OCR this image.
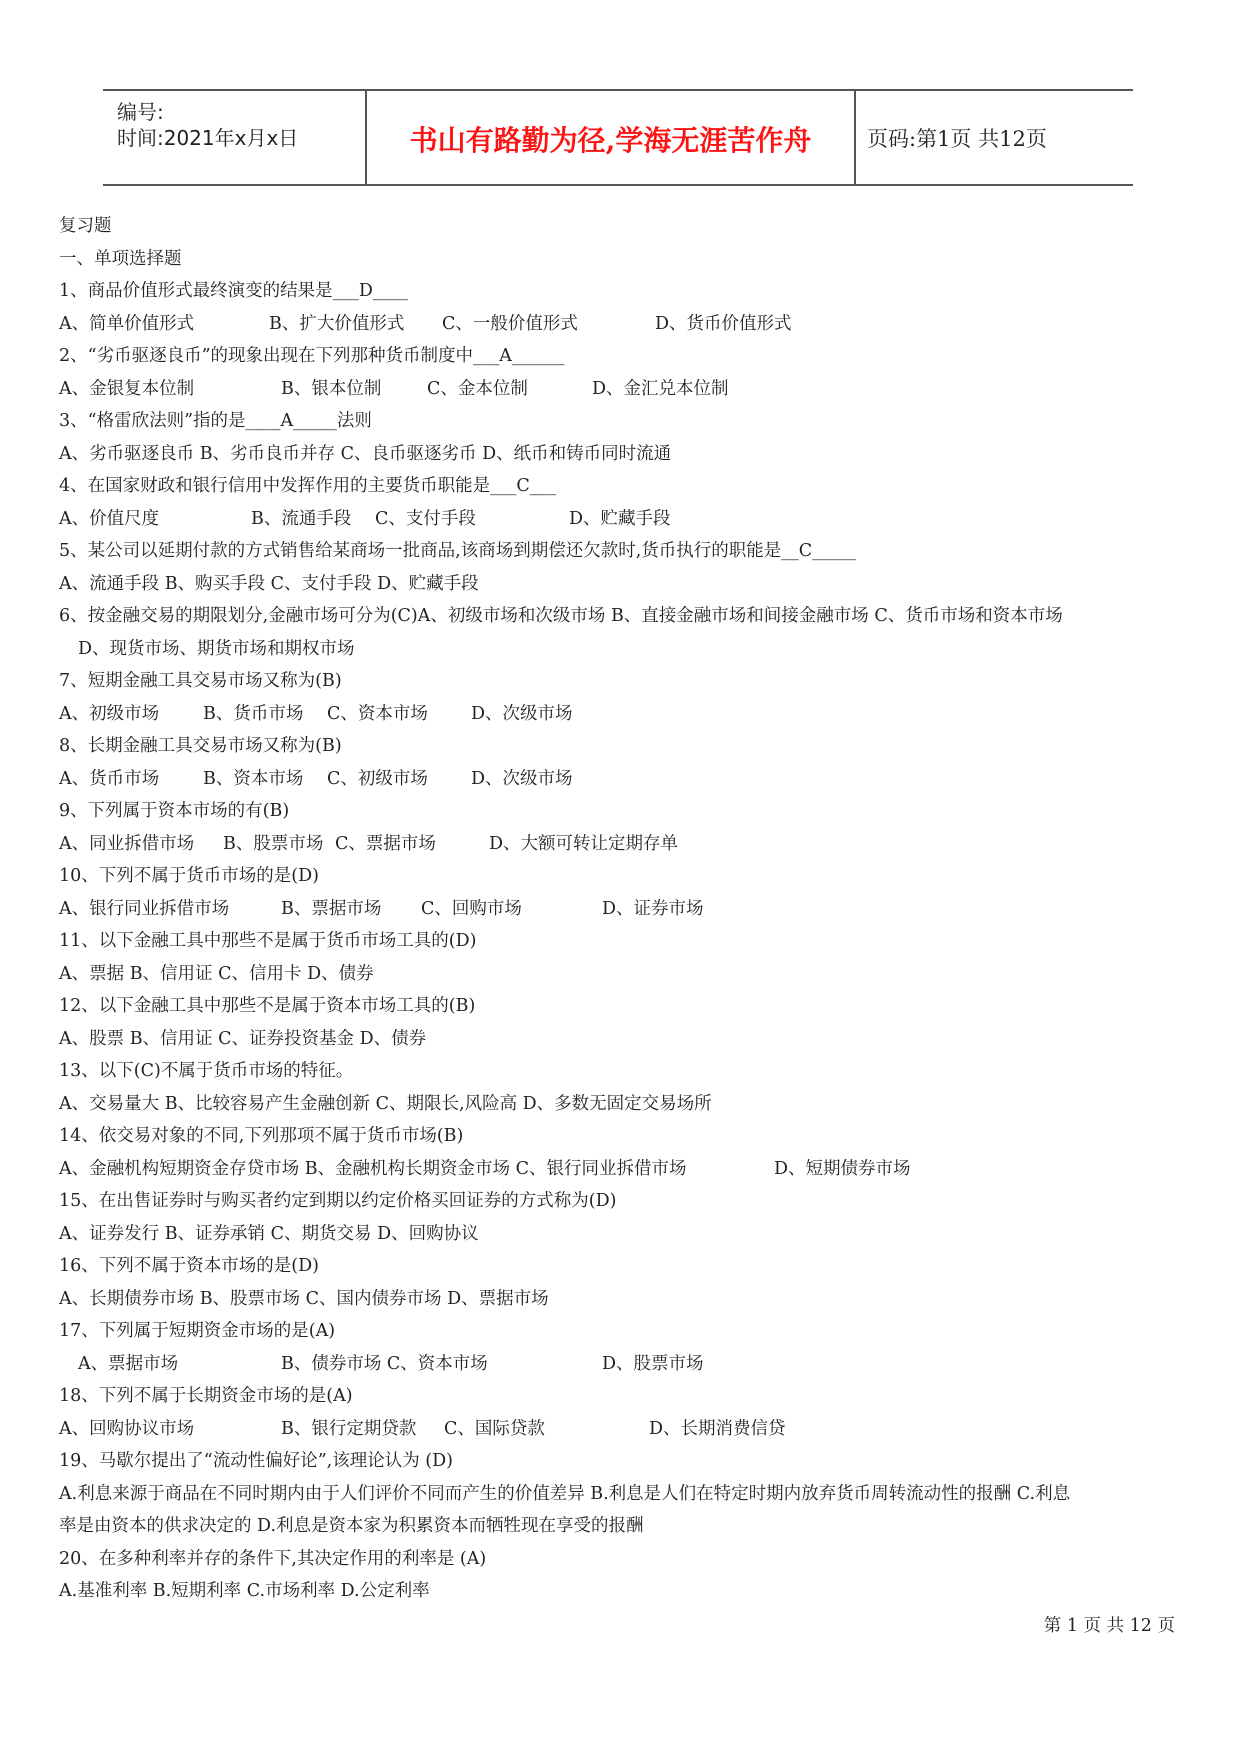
编号:
时间:2021年x月x日	书山有路勤为径,学海无涯苦作舟	页码:第1页 共12页
复习题
一、单项选择题
1、商品价值形式最终演变的结果是___D____
A、简单价值形式	B、扩大价值形式 C、一般价值形式	D、货币价值形式
2、“劣币驱逐良币”的现象出现在下列那种货币制度中___A______
A、金银复本位制	B、银本位制	C、金本位制	D、金汇兑本位制
3、“格雷欣法则”指的是____A_____法则
A、劣币驱逐良币 B、劣币良币并存 C、良币驱逐劣币 D、纸币和铸币同时流通
4、在国家财政和银行信用中发挥作用的主要货币职能是___C___
A、价值尺度	B、流通手段 C、支付手段	D、贮藏手段
5、某公司以延期付款的方式销售给某商场一批商品,该商场到期偿还欠款时,货币执行的职能是__C_____
A、流通手段 B、购买手段 C、支付手段 D、贮藏手段
6、按金融交易的期限划分,金融市场可分为(C)A、初级市场和次级市场 B、直接金融市场和间接金融市场 C、货币市场和资本市场
D、现货市场、期货市场和期权市场
7、短期金融工具交易市场又称为(B)
A、初级市场	B、货币市场 C、资本市场 D、次级市场
8、长期金融工具交易市场又称为(B)
A、货币市场	B、资本市场 C、初级市场 D、次级市场
9、下列属于资本市场的有(B)
A、同业拆借市场 B、股票市场 C、票据市场	D、大额可转让定期存单
10、下列不属于货币市场的是(D)
A、银行同业拆借市场	B、票据市场 C、回购市场	D、证券市场
11、以下金融工具中那些不是属于货币市场工具的(D)
A、票据 B、信用证 C、信用卡 D、债券
12、以下金融工具中那些不是属于资本市场工具的(B)
A、股票 B、信用证 C、证券投资基金 D、债券
13、以下(C)不属于货币市场的特征。
A、交易量大 B、比较容易产生金融创新 C、期限长,风险高 D、多数无固定交易场所
14、依交易对象的不同,下列那项不属于货币市场(B)
A、金融机构短期资金存贷市场 B、金融机构长期资金市场 C、银行同业拆借市场	D、短期债券市场
15、在出售证券时与购买者约定到期以约定价格买回证券的方式称为(D)
A、证券发行 B、证券承销 C、期货交易 D、回购协议
16、下列不属于资本市场的是(D)
A、长期债券市场 B、股票市场 C、国内债券市场 D、票据市场
17、下列属于短期资金市场的是(A)
A、票据市场	B、债券市场 C、资本市场	D、股票市场
18、下列不属于长期资金市场的是(A)
A、回购协议市场	B、银行定期贷款 C、国际贷款	D、长期消费信贷
19、马歇尔提出了“流动性偏好论”,该理论认为 (D)
A.利息来源于商品在不同时期内由于人们评价不同而产生的价值差异 B.利息是人们在特定时期内放弃货币周转流动性的报酬 C.利息
率是由资本的供求决定的 D.利息是资本家为积累资本而牺牲现在享受的报酬
20、在多种利率并存的条件下,其决定作用的利率是 (A)
A.基准利率 B.短期利率 C.市场利率 D.公定利率
第 1 页 共 12 页
